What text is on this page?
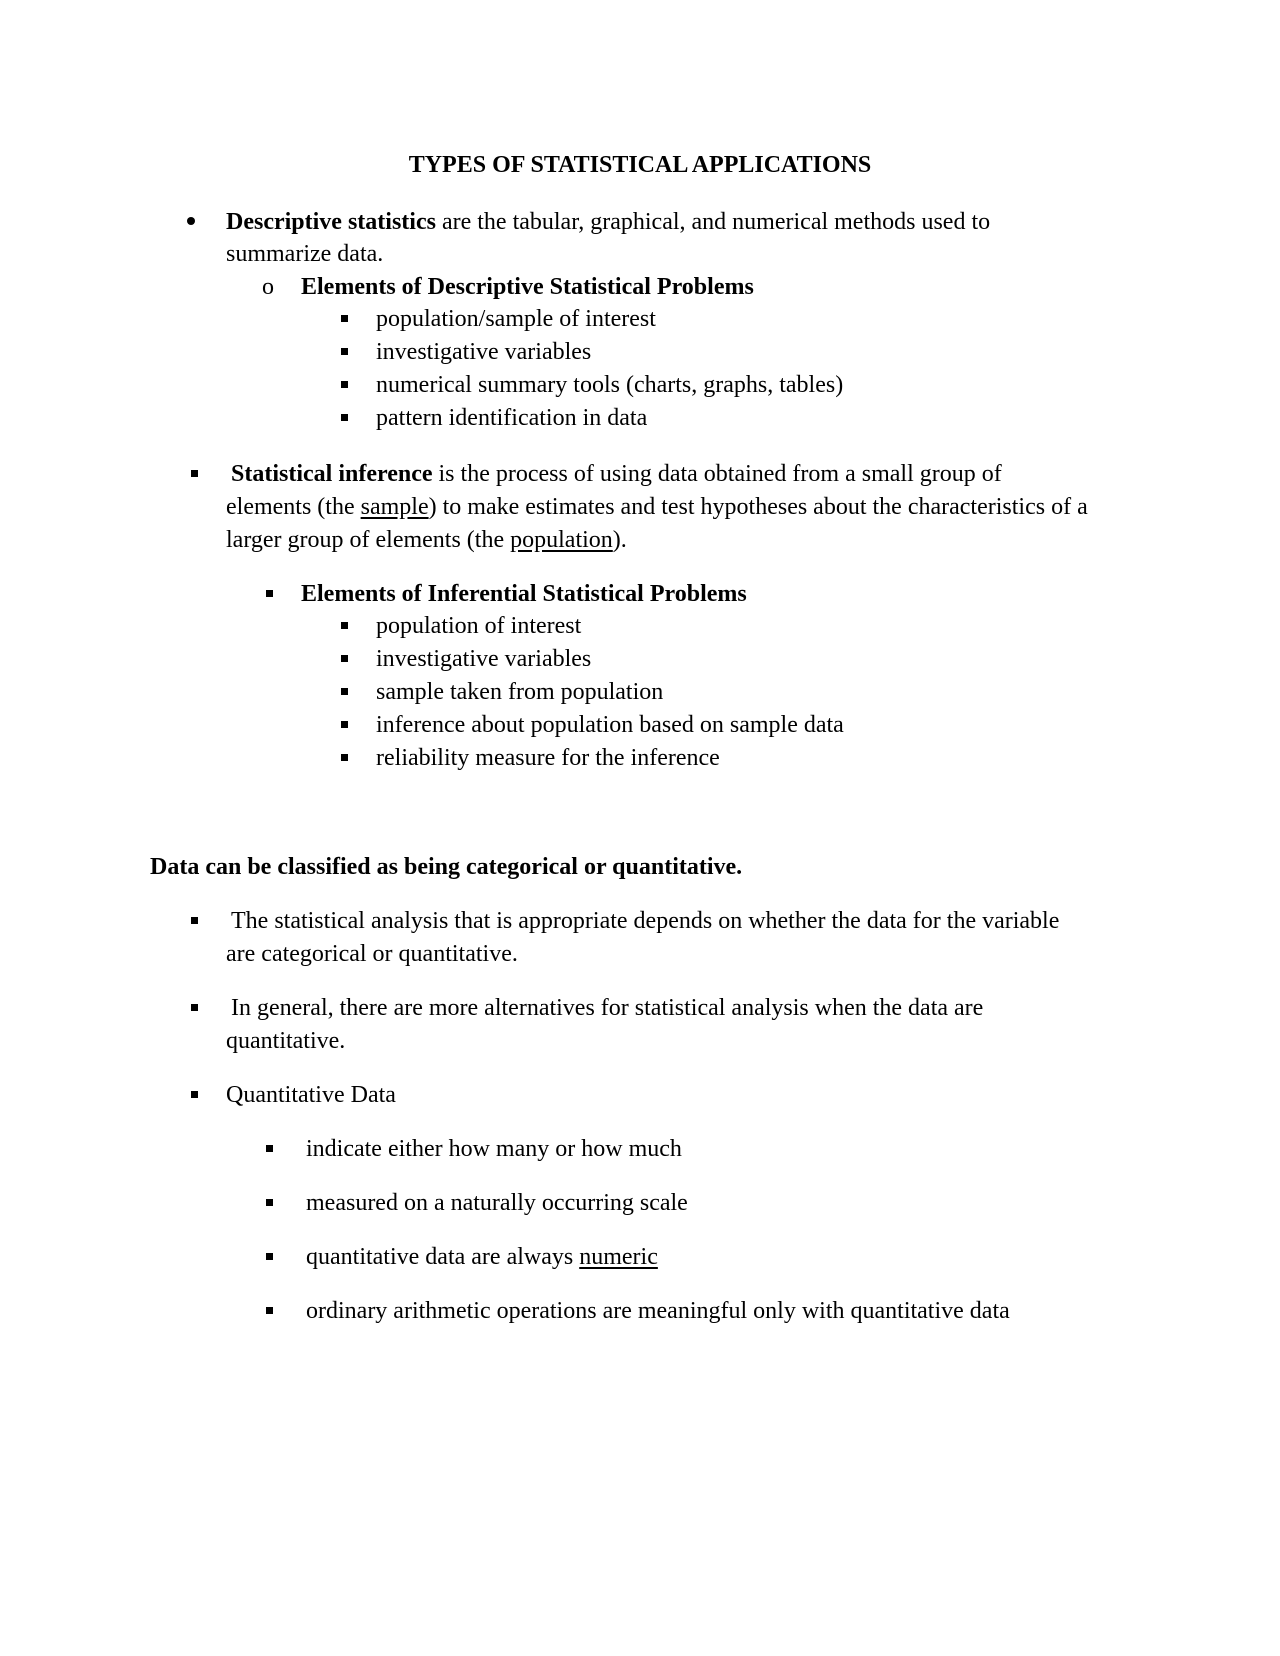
TYPES OF STATISTICAL APPLICATIONS
Descriptive statistics are the tabular, graphical, and numerical methods used to
summarize data.
o Elements of Descriptive Statistical Problems
population/sample of interest
investigative variables
numerical summary tools (charts, graphs, tables)
pattern identification in data
Statistical inference is the process of using data obtained from a small group of
elements (the sample) to make estimates and test hypotheses about the characteristics of a
larger group of elements (the population).
Elements of Inferential Statistical Problems
population of interest
investigative variables
sample taken from population
inference about population based on sample data
reliability measure for the inference
Data can be classified as being categorical or quantitative.
The statistical analysis that is appropriate depends on whether the data for the variable
are categorical or quantitative.
In general, there are more alternatives for statistical analysis when the data are
quantitative.
Quantitative Data
indicate either how many or how much
measured on a naturally occurring scale
quantitative data are always numeric
ordinary arithmetic operations are meaningful only with quantitative data
